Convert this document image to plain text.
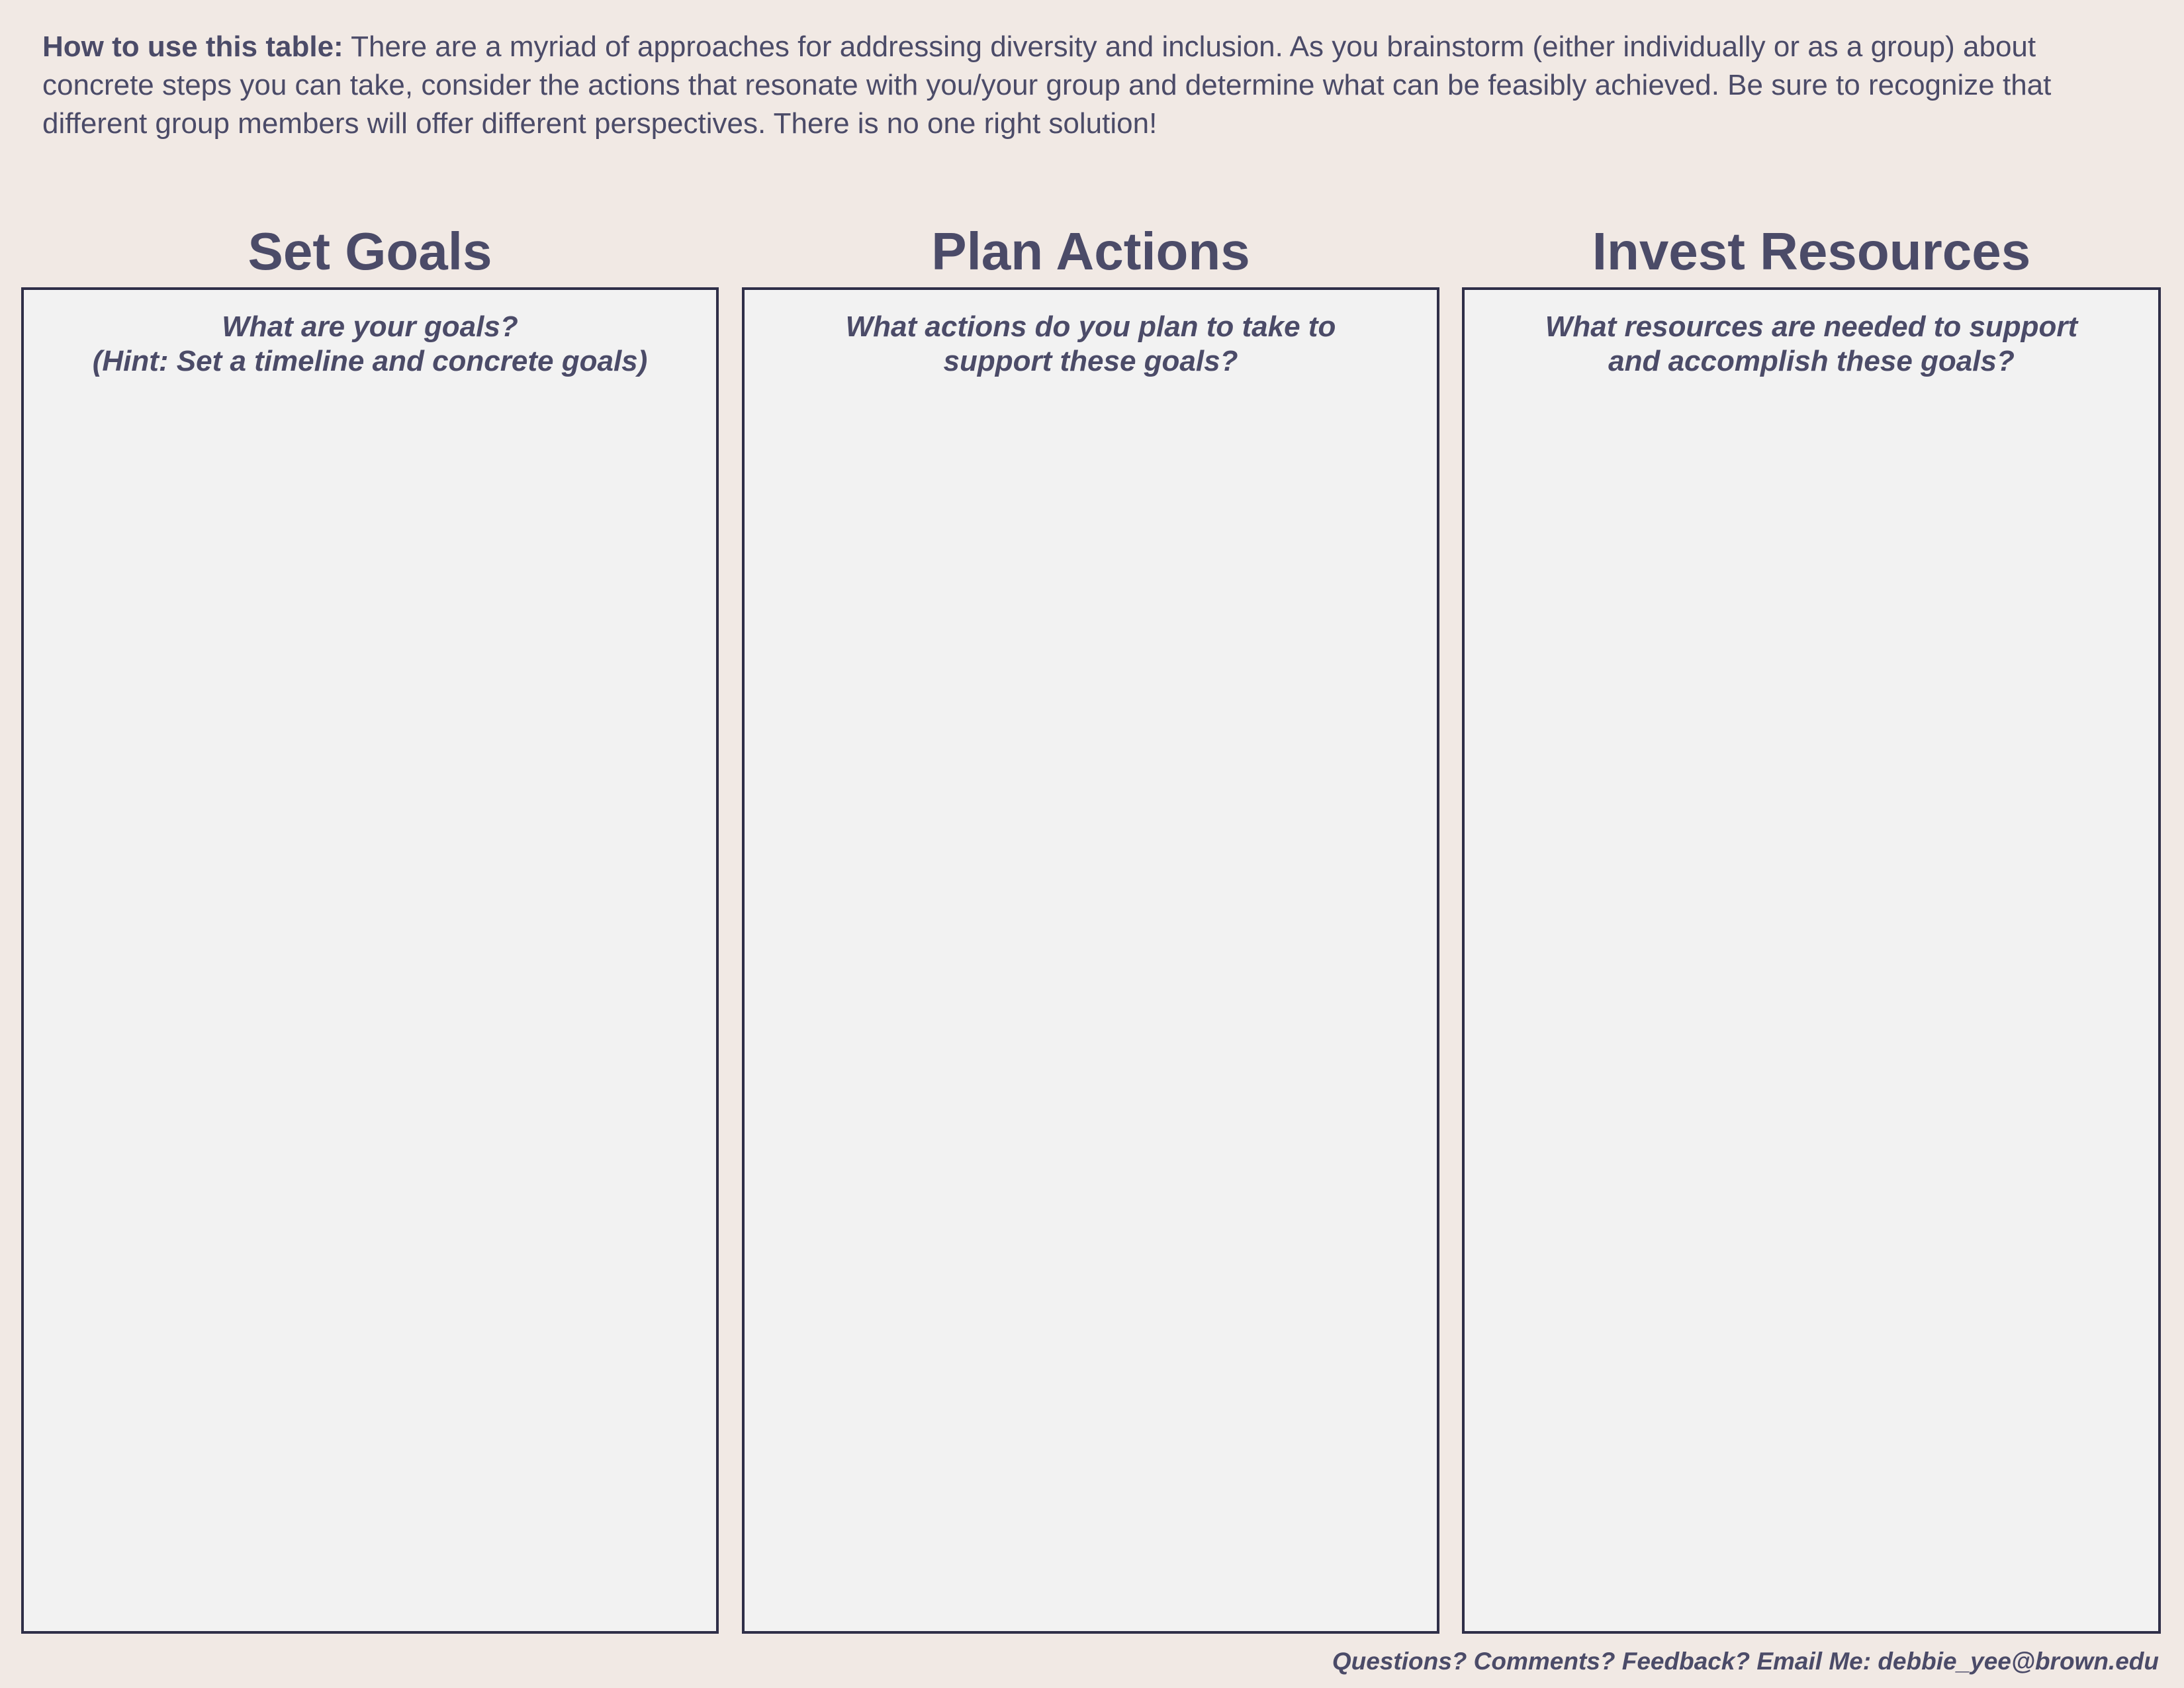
How to use this table: There are a myriad of approaches for addressing diversity and inclusion. As you brainstorm (either individually or as a group) about concrete steps you can take, consider the actions that resonate with you/your group and determine what can be feasibly achieved. Be sure to recognize that different group members will offer different perspectives. There is no one right solution!

Set Goals	Plan Actions	Invest Resources

What are your goals?
(Hint: Set a timeline and concrete goals)

What actions do you plan to take to
support these goals?

What resources are needed to support
and accomplish these goals?

Questions? Comments? Feedback? Email Me: debbie_yee@brown.edu
